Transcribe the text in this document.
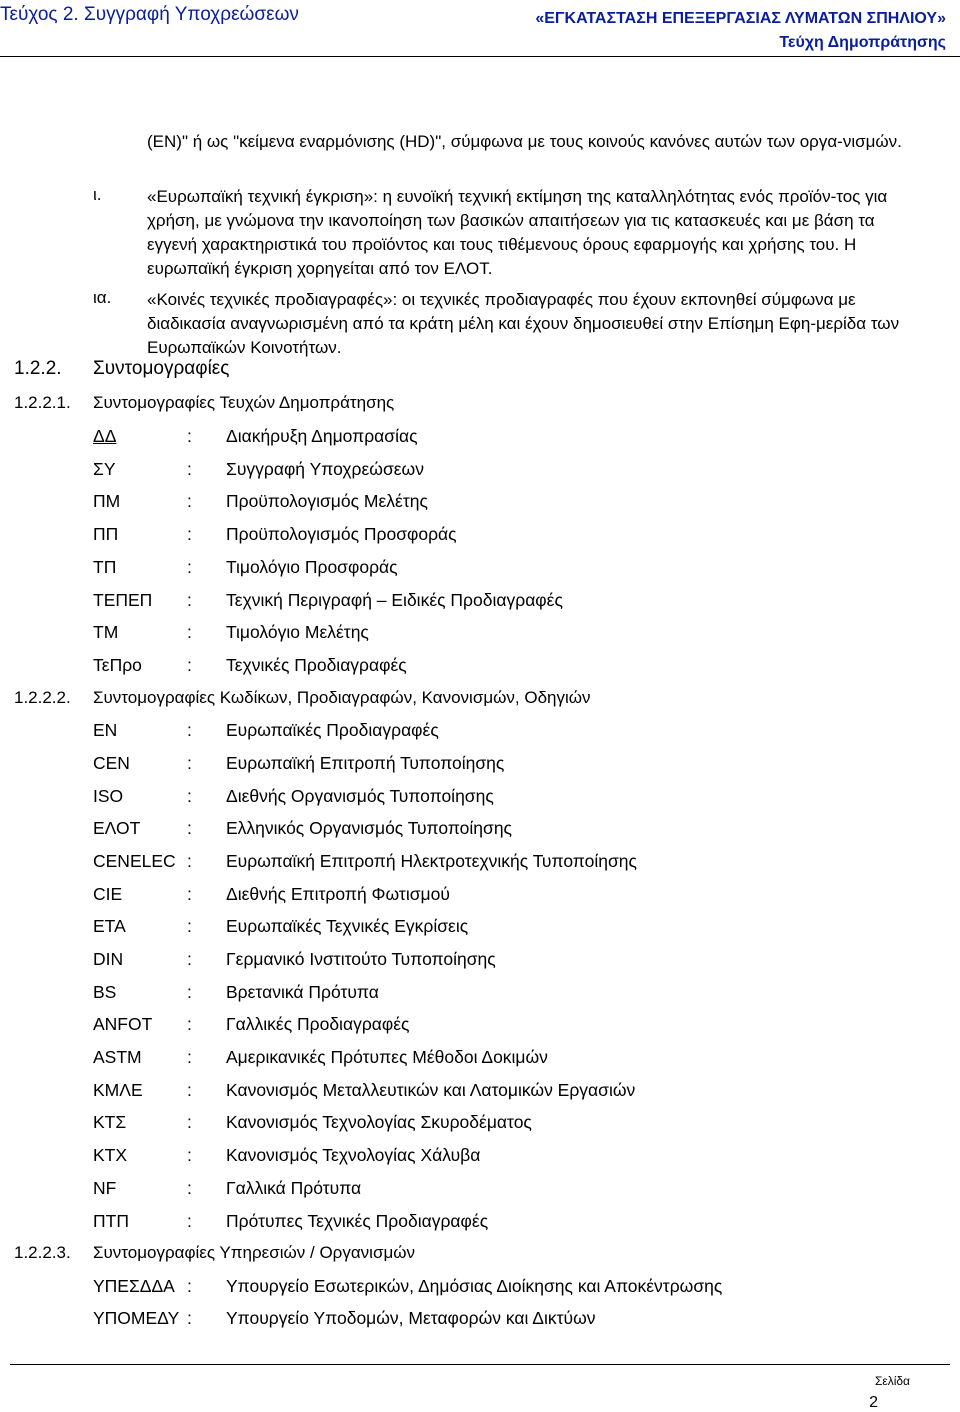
Τεύχος 2. Συγγραφή Υποχρεώσεων	«ΕΓΚΑΤΑΣΤΑΣΗ ΕΠΕΞΕΡΓΑΣΙΑΣ ΛΥΜΑΤΩΝ ΣΠΗΛΙΟΥ»
Τεύχη Δημοπράτησης
(EN)" ή ως "κείμενα εναρμόνισης (HD)", σύμφωνα με τους κοινούς κανόνες αυτών των οργα-νισμών.
ι.	«Ευρωπαϊκή τεχνική έγκριση»: η ευνοϊκή τεχνική εκτίμηση της καταλληλότητας ενός προϊόν-τος για χρήση, με γνώμονα την ικανοποίηση των βασικών απαιτήσεων για τις κατασκευές και με βάση τα εγγενή χαρακτηριστικά του προϊόντος και τους τιθέμενους όρους εφαρμογής και χρήσης του. Η ευρωπαϊκή έγκριση χορηγείται από τον ΕΛΟΤ.
ια. «Κοινές τεχνικές προδιαγραφές»: οι τεχνικές προδιαγραφές που έχουν εκπονηθεί σύμφωνα με διαδικασία αναγνωρισμένη από τα κράτη μέλη και έχουν δημοσιευθεί στην Επίσημη Εφη-μερίδα των Ευρωπαϊκών Κοινοτήτων.
1.2.2. Συντομογραφίες
1.2.2.1. Συντομογραφίες Τευχών Δημοπράτησης
ΔΔ	: Διακήρυξη Δημοπρασίας
ΣΥ	: Συγγραφή Υποχρεώσεων
ΠΜ	: Προϋπολογισμός Μελέτης
ΠΠ	: Προϋπολογισμός Προσφοράς
ΤΠ	: Τιμολόγιο Προσφοράς
ΤΕΠΕΠ : Τεχνική Περιγραφή – Ειδικές Προδιαγραφές
ΤΜ	: Τιμολόγιο Μελέτης
ΤεΠρο	: Τεχνικές Προδιαγραφές
1.2.2.2. Συντομογραφίες Κωδίκων, Προδιαγραφών, Κανονισμών, Οδηγιών
EN	: Ευρωπαϊκές Προδιαγραφές
CEN	: Ευρωπαϊκή Επιτροπή Τυποποίησης
ISO	: Διεθνής Οργανισμός Τυποποίησης
ΕΛΟΤ	: Ελληνικός Οργανισμός Τυποποίησης
CENELEC : Ευρωπαϊκή Επιτροπή Ηλεκτροτεχνικής Τυποποίησης
CIE	: Διεθνής Επιτροπή Φωτισμού
ΕΤΑ	: Ευρωπαϊκές Τεχνικές Εγκρίσεις
DIN	: Γερμανικό Ινστιτούτο Τυποποίησης
BS	: Βρετανικά Πρότυπα
ANFOT : Γαλλικές Προδιαγραφές
ASTM	: Αμερικανικές Πρότυπες Μέθοδοι Δοκιμών
ΚΜΛΕ	: Κανονισμός Μεταλλευτικών και Λατομικών Εργασιών
ΚΤΣ	: Κανονισμός Τεχνολογίας Σκυροδέματος
ΚΤΧ	: Κανονισμός Τεχνολογίας Χάλυβα
NF	: Γαλλικά Πρότυπα
ΠΤΠ	: Πρότυπες Τεχνικές Προδιαγραφές
1.2.2.3. Συντομογραφίες Υπηρεσιών / Οργανισμών
ΥΠΕΣΔΔΑ : Υπουργείο Εσωτερικών, Δημόσιας Διοίκησης και Αποκέντρωσης
ΥΠΟΜΕΔΥ : Υπουργείο Υποδομών, Μεταφορών και Δικτύων
Σελίδα
2
